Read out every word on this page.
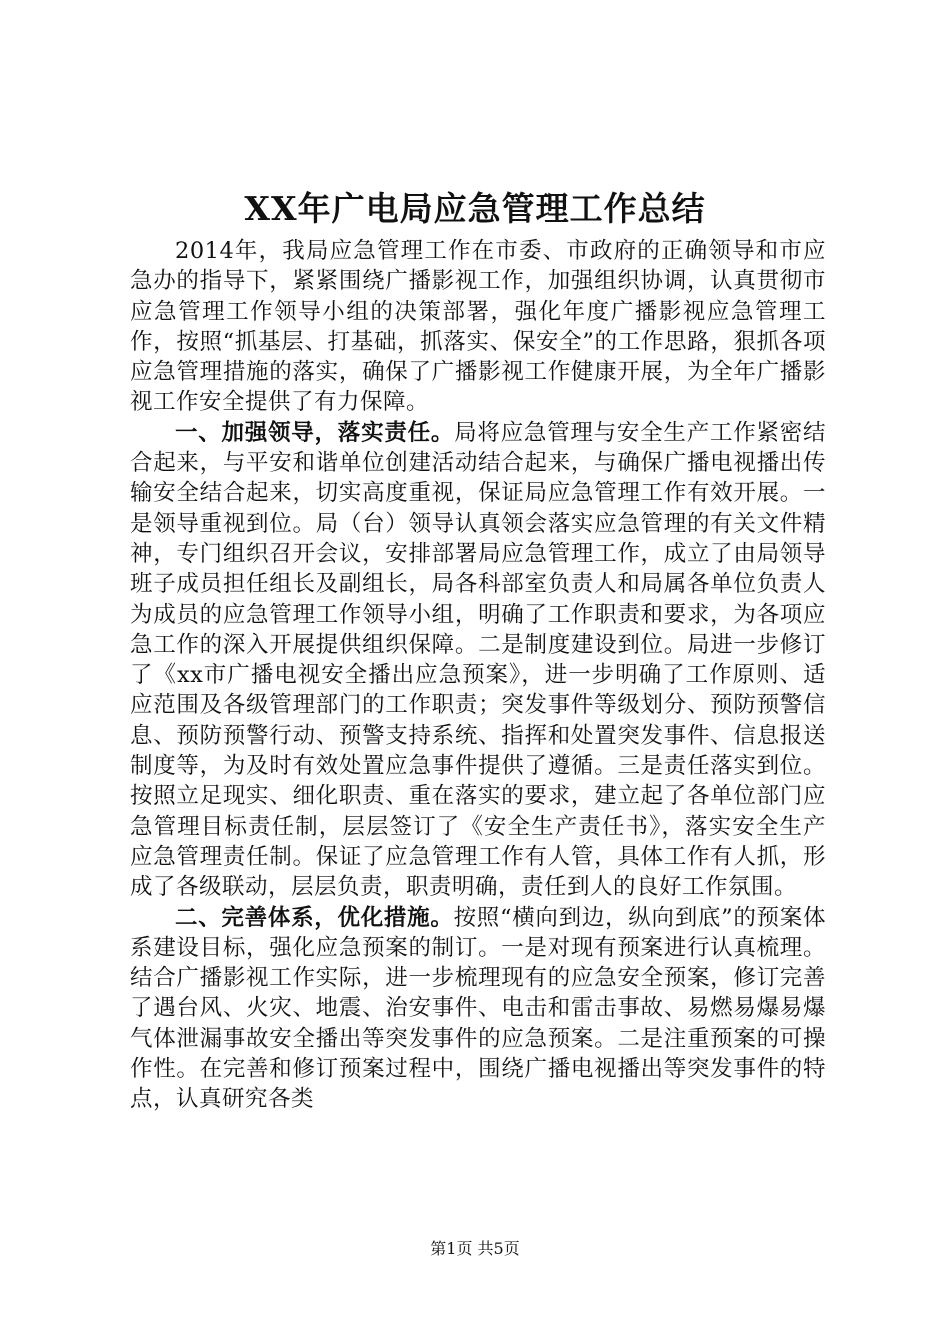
XX年广电局应急管理工作总结

2014年，我局应急管理工作在市委、市政府的正确领导和市应急办的指导下，紧紧围绕广播影视工作，加强组织协调，认真贯彻市应急管理工作领导小组的决策部署，强化年度广播影视应急管理工作，按照“抓基层、打基础，抓落实、保安全”的工作思路，狠抓各项应急管理措施的落实，确保了广播影视工作健康开展，为全年广播影视工作安全提供了有力保障。

一、加强领导，落实责任。局将应急管理与安全生产工作紧密结合起来，与平安和谐单位创建活动结合起来，与确保广播电视播出传输安全结合起来，切实高度重视，保证局应急管理工作有效开展。一是领导重视到位。局（台）领导认真领会落实应急管理的有关文件精神，专门组织召开会议，安排部署局应急管理工作，成立了由局领导班子成员担任组长及副组长，局各科部室负责人和局属各单位负责人为成员的应急管理工作领导小组，明确了工作职责和要求，为各项应急工作的深入开展提供组织保障。二是制度建设到位。局进一步修订了《xx市广播电视安全播出应急预案》，进一步明确了工作原则、适应范围及各级管理部门的工作职责；突发事件等级划分、预防预警信息、预防预警行动、预警支持系统、指挥和处置突发事件、信息报送制度等，为及时有效处置应急事件提供了遵循。三是责任落实到位。按照立足现实、细化职责、重在落实的要求，建立起了各单位部门应急管理目标责任制，层层签订了《安全生产责任书》，落实安全生产应急管理责任制。保证了应急管理工作有人管，具体工作有人抓，形成了各级联动，层层负责，职责明确，责任到人的良好工作氛围。

二、完善体系，优化措施。按照“横向到边，纵向到底”的预案体系建设目标，强化应急预案的制订。一是对现有预案进行认真梳理。结合广播影视工作实际，进一步梳理现有的应急安全预案，修订完善了遇台风、火灾、地震、治安事件、电击和雷击事故、易燃易爆易爆气体泄漏事故安全播出等突发事件的应急预案。二是注重预案的可操作性。在完善和修订预案过程中，围绕广播电视播出等突发事件的特点，认真研究各类

第1页 共5页
